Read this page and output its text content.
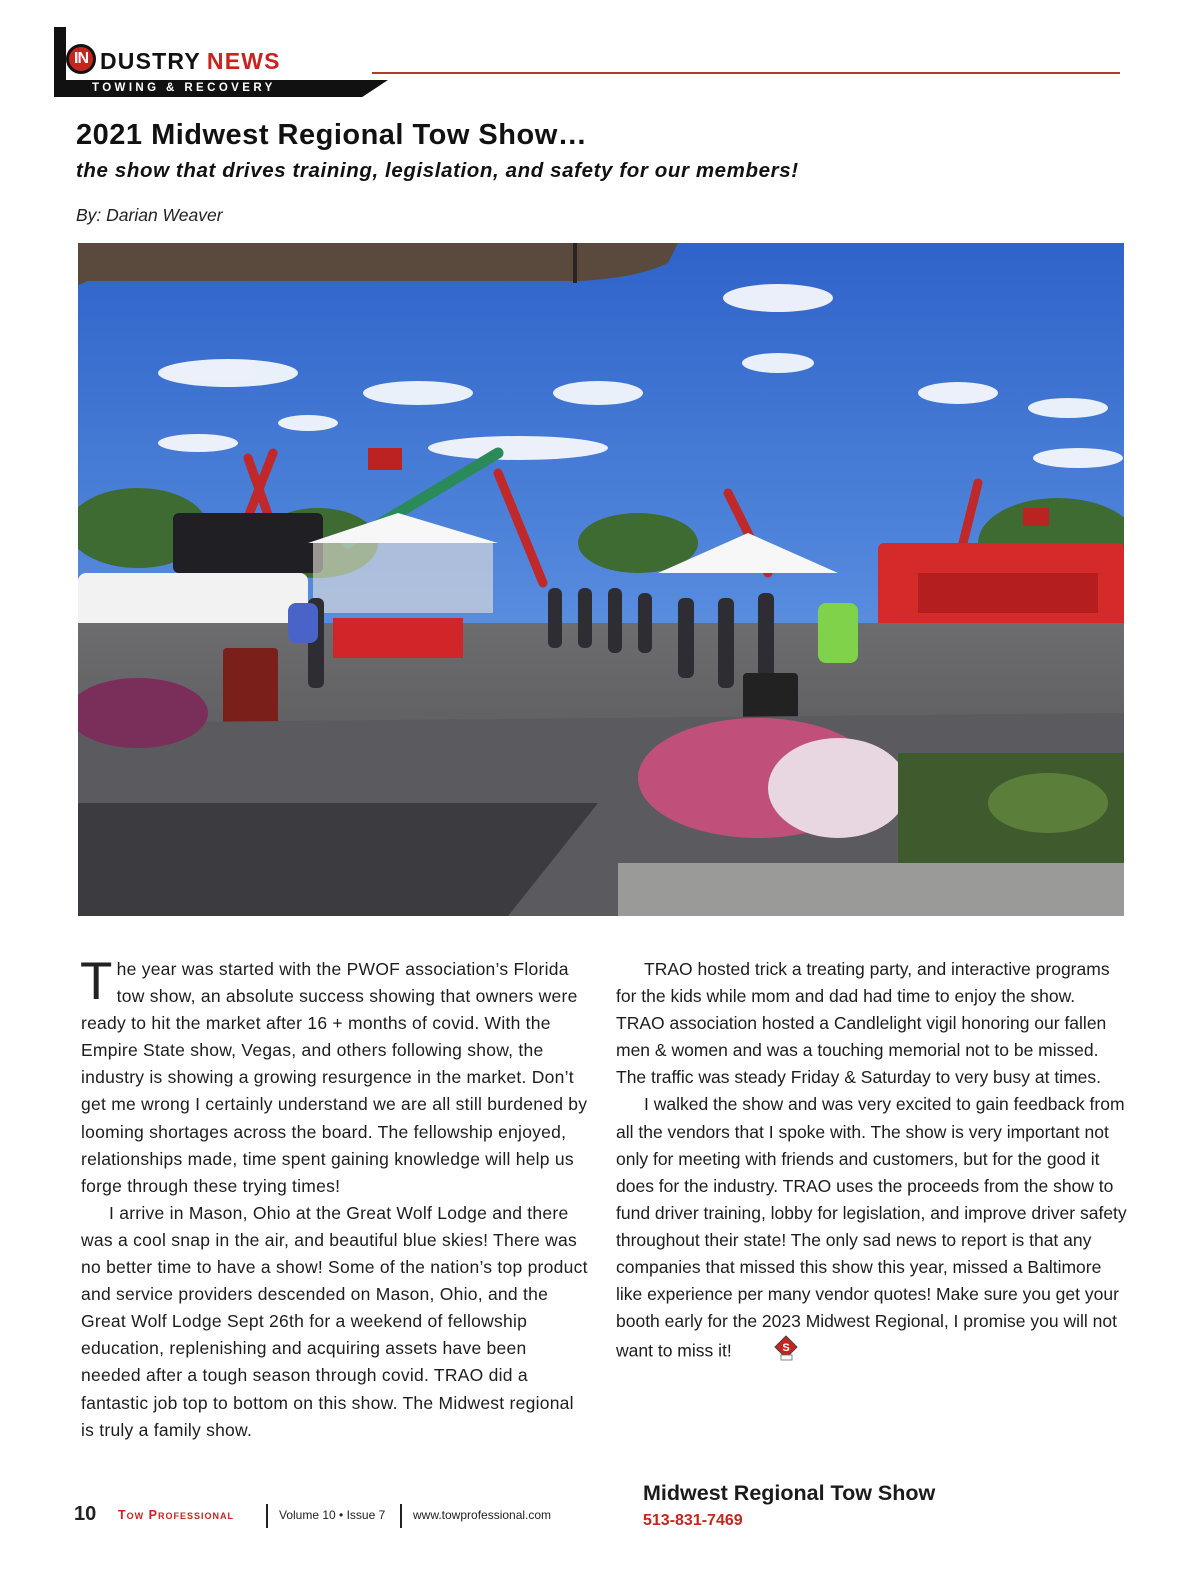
IN DUSTRY NEWS
TOWING & RECOVERY
2021 Midwest Regional Tow Show…
the show that drives training, legislation, and safety for our members!
By: Darian Weaver

The year was started with the PWOF association’s Florida tow show, an absolute success showing that owners were ready to hit the market after 16 + months of covid. With the Empire State show, Vegas, and others following show, the industry is showing a growing resurgence in the market. Don’t get me wrong I certainly understand we are all still burdened by looming shortages across the board. The fellowship enjoyed, relationships made, time spent gaining knowledge will help us forge through these trying times!

I arrive in Mason, Ohio at the Great Wolf Lodge and there was a cool snap in the air, and beautiful blue skies! There was no better time to have a show! Some of the nation’s top product and service providers descended on Mason, Ohio, and the Great Wolf Lodge Sept 26th for a weekend of fellowship education, replenishing and acquiring assets have been needed after a tough season through covid. TRAO did a fantastic job top to bottom on this show. The Midwest regional is truly a family show.

TRAO hosted trick a treating party, and interactive programs for the kids while mom and dad had time to enjoy the show. TRAO association hosted a Candlelight vigil honoring our fallen men & women and was a touching memorial not to be missed. The traffic was steady Friday & Saturday to very busy at times.

I walked the show and was very excited to gain feedback from all the vendors that I spoke with. The show is very important not only for meeting with friends and customers, but for the good it does for the industry. TRAO uses the proceeds from the show to fund driver training, lobby for legislation, and improve driver safety throughout their state! The only sad news to report is that any companies that missed this show this year, missed a Baltimore like experience per many vendor quotes! Make sure you get your booth early for the 2023 Midwest Regional, I promise you will not want to miss it!	S

Midwest Regional Tow Show
513-831-7469
10 Tow Professional	Volume 10 • Issue 7 www.towprofessional.com
